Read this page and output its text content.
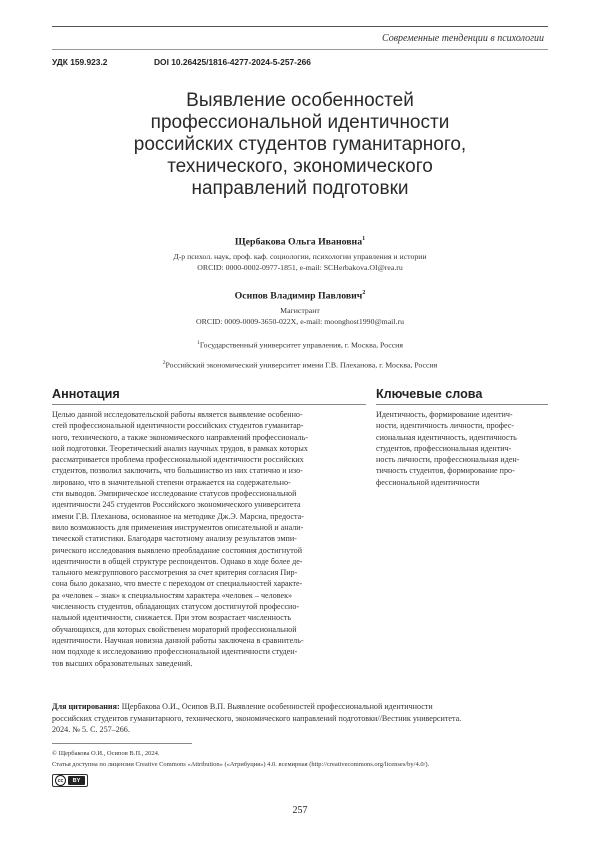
Современные тенденции в психологии
УДК 159.923.2	DOI 10.26425/1816-4277-2024-5-257-266
Выявление особенностей
профессиональной идентичности
российских студентов гуманитарного,
технического, экономического
направлений подготовки
Щербакова Ольга Ивановна$^1$
Д-р психол. наук, проф. каф. социологии, психологии управления и истории
ORCID: 0000-0002-0977-1851, e-mail: SCHerbakova.OI@rea.ru
Осипов Владимир Павлович$^2$
Магистрант
ORCID: 0009-0009-3650-022X, e-mail: moonghost1990@mail.ru
$^1$Государственный университет управления, г. Москва, Россия
$^2$Российский экономический университет имени Г.В. Плеханова, г. Москва, Россия
Аннотация	Ключевые слова
Целью данной исследовательской работы является выявление особенно-
стей профессиональной идентичности российских студентов гуманитар-
ного, технического, а также экономического направлений профессиональ-
ной подготовки. Теоретический анализ научных трудов, в рамках которых
рассматривается проблема профессиональной идентичности российских
студентов, позволил заключить, что большинство из них статично и изо-
лировано, что в значительной степени отражается на содержательно-
сти выводов. Эмпирическое исследование статусов профессиональной
идентичности 245 студентов Российского экономического университета
имени Г.В. Плеханова, основанное на методике Дж.Э. Марсиа, предоста-
вило возможность для применения инструментов описательной и анали-
тической статистики. Благодаря частотному анализу результатов эмпи-
рического исследования выявлено преобладание состояния достигнутой
идентичности в общей структуре респондентов. Однако в ходе более де-
тального межгруппового рассмотрения за счет критерия согласия Пир-
сона было доказано, что вместе с переходом от специальностей характе-
ра «человек – знак» к специальностям характера «человек – человек»
численность студентов, обладающих статусом достигнутой профессио-
нальной идентичности, снижается. При этом возрастает численность
обучающихся, для которых свойственен мораторий профессиональной
идентичности. Научная новизна данной работы заключена в сравнитель-
ном подходе к исследованию профессиональной идентичности студен-
тов высших образовательных заведений.
Идентичность, формирование идентич-
ности, идентичность личности, профес-
сиональная идентичность, идентичность
студентов, профессиональная идентич-
ность личности, профессиональная иден-
тичность студентов, формирование про-
фессиональной идентичности
Для цитирования: Щербакова О.И., Осипов В.П. Выявление особенностей профессиональной идентичности
российских студентов гуманитарного, технического, экономического направлений подготовки//Вестник университета.
2024. № 5. С. 257–266.
© Щербакова О.И., Осипов В.П., 2024.
Статья доступна по лицензии Creative Commons «Attribution» («Атрибуция») 4.0. всемирная (http://creativecommons.org/licenses/by/4.0/).
cc	BY
257
